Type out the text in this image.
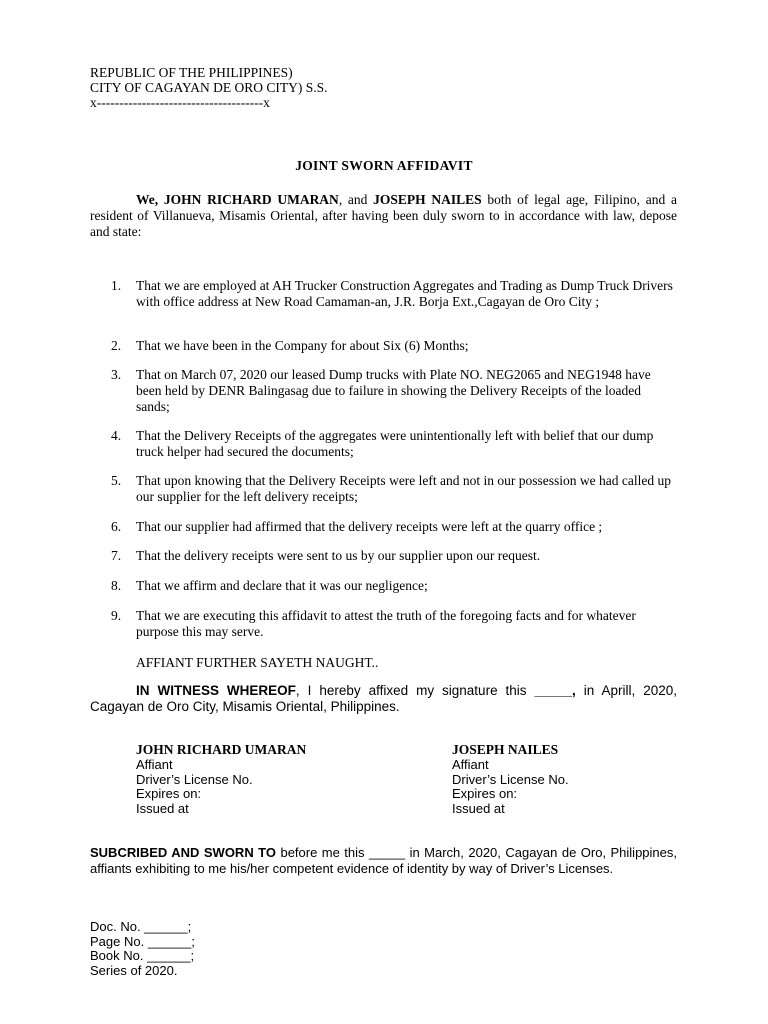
REPUBLIC OF THE PHILIPPINES)
CITY OF CAGAYAN DE ORO CITY) S.S.
x-------------------------------------x
JOINT SWORN AFFIDAVIT
We, JOHN RICHARD UMARAN, and JOSEPH NAILES both of legal age, Filipino, and a resident of Villanueva, Misamis Oriental, after having been duly sworn to in accordance with law, depose and state:
1. That we are employed at AH Trucker Construction Aggregates and Trading as Dump Truck Drivers with office address at New Road Camaman-an, J.R. Borja Ext.,Cagayan de Oro City ;
2. That we have been in the Company for about Six (6) Months;
3. That on March 07, 2020 our leased Dump trucks with Plate NO. NEG2065 and NEG1948 have been held by DENR Balingasag due to failure in showing the Delivery Receipts of the loaded sands;
4. That the Delivery Receipts of the aggregates were unintentionally left with belief that our dump truck helper had secured the documents;
5. That upon knowing that the Delivery Receipts were left and not in our possession we had called up our supplier for the left delivery receipts;
6. That our supplier had affirmed that the delivery receipts were left at the quarry office ;
7. That the delivery receipts were sent to us by our supplier upon our request.
8. That we affirm and declare that it was our negligence;
9. That we are executing this affidavit to attest the truth of the foregoing facts and for whatever purpose this may serve.
AFFIANT FURTHER SAYETH NAUGHT..
IN WITNESS WHEREOF, I hereby affixed my signature this _____, in Aprill, 2020, Cagayan de Oro City, Misamis Oriental, Philippines.
JOHN RICHARD UMARAN
Affiant
Driver’s License No.
Expires on:
Issued at
JOSEPH NAILES
Affiant
Driver’s License No.
Expires on:
Issued at
SUBCRIBED AND SWORN TO before me this _____ in March, 2020, Cagayan de Oro, Philippines, affiants exhibiting to me his/her competent evidence of identity by way of Driver’s Licenses.
Doc. No. ______;
Page No. ______;
Book No. ______;
Series of 2020.
